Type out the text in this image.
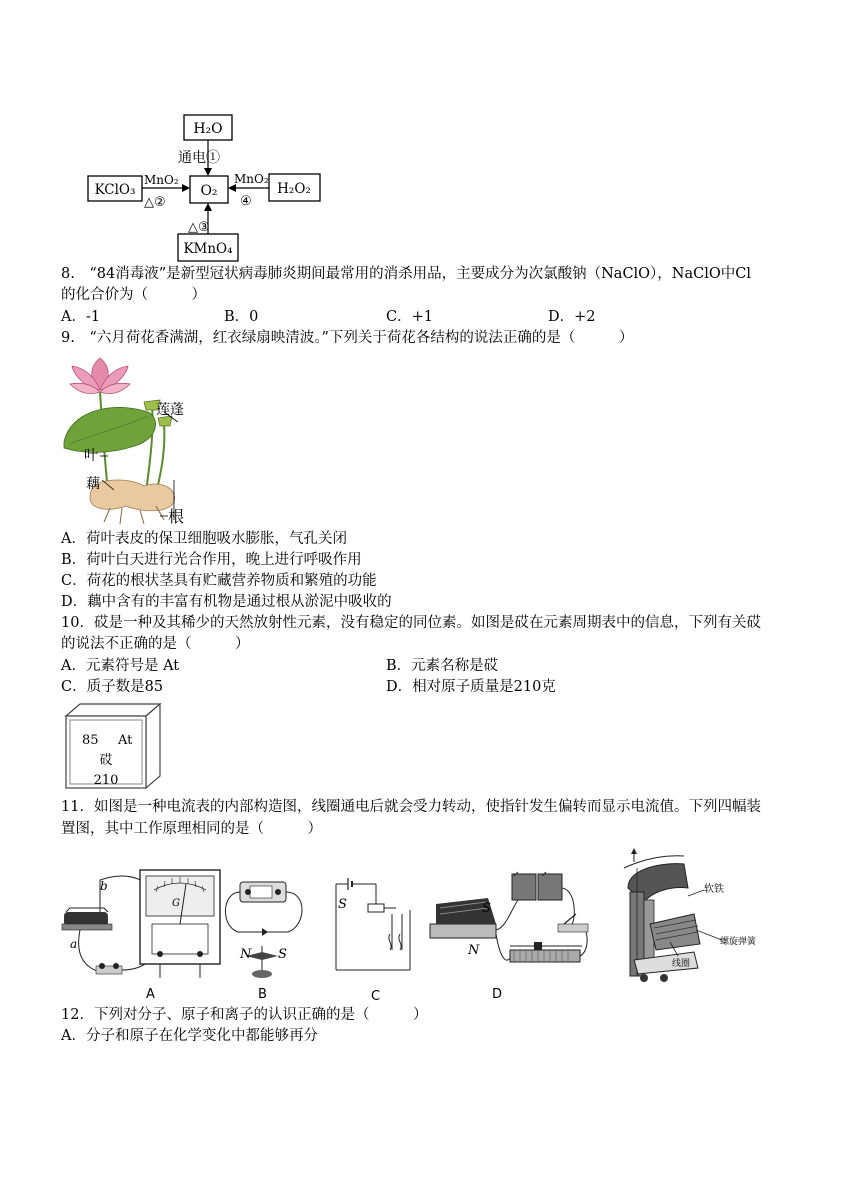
H₂O
通电①
KClO₃
MnO₂
△②
O₂	H₂O₂
MnO₂
④
KMnO₄
△③
8.　“84消毒液”是新型冠状病毒肺炎期间最常用的消杀用品，主要成分为次氯酸钠（NaClO），NaClO中Cl
的化合价为（　　　）
A．-1	B．0	C．+1	D．+2
9.　“六月荷花香满湖，红衣绿扇映清波。”下列关于荷花各结构的说法正确的是（　　　）
莲蓬
叶
藕
根
A．荷叶表皮的保卫细胞吸水膨胀，气孔关闭
B．荷叶白天进行光合作用，晚上进行呼吸作用
C．荷花的根状茎具有贮藏营养物质和繁殖的功能
D．藕中含有的丰富有机物是通过根从淤泥中吸收的
10．砹是一种及其稀少的天然放射性元素，没有稳定的同位素。如图是砹在元素周期表中的信息，下列有关砹
的说法不正确的是（　　　）
A．元素符号是 At	B．元素名称是砹
C．质子数是85	D．相对原子质量是210克
85 At
砹
210
11．如图是一种电流表的内部构造图，线圈通电后就会受力转动，使指针发生偏转而显示电流值。下列四幅装
置图，其中工作原理相同的是（　　　）
b
a
G
A
N S
B
S
C
S
N
D
软铁
螺旋弹簧
线圈
12．下列对分子、原子和离子的认识正确的是（　　　）
A．分子和原子在化学变化中都能够再分
